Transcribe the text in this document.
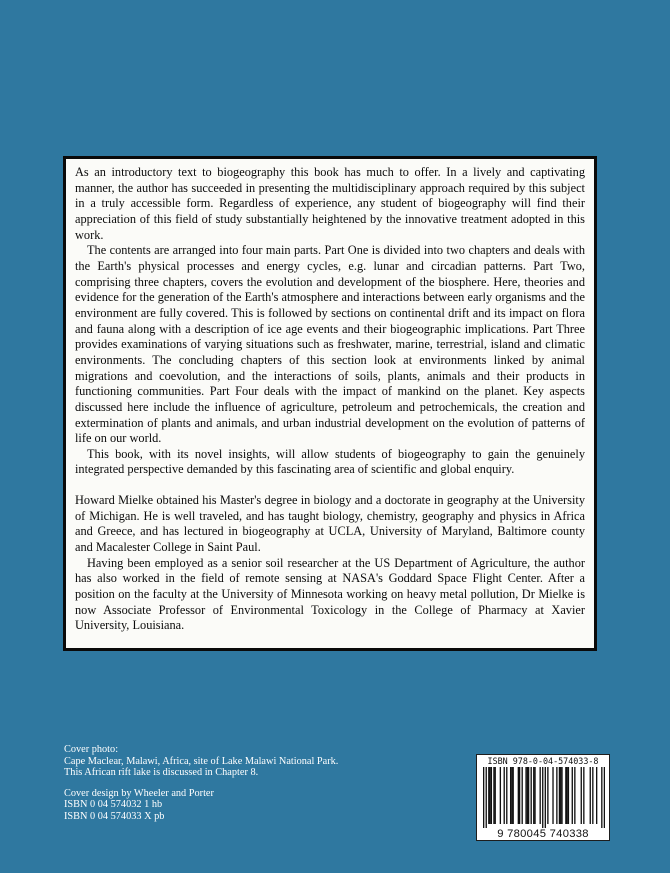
As an introductory text to biogeography this book has much to offer. In a lively and captivating manner, the author has succeeded in presenting the multidisciplinary approach required by this subject in a truly accessible form. Regardless of experience, any student of biogeography will find their appreciation of this field of study substantially heightened by the innovative treatment adopted in this work.

The contents are arranged into four main parts. Part One is divided into two chapters and deals with the Earth's physical processes and energy cycles, e.g. lunar and circadian patterns. Part Two, comprising three chapters, covers the evolution and development of the biosphere. Here, theories and evidence for the generation of the Earth's atmosphere and interactions between early organisms and the environment are fully covered. This is followed by sections on continental drift and its impact on flora and fauna along with a description of ice age events and their biogeographic implications. Part Three provides examinations of varying situations such as freshwater, marine, terrestrial, island and climatic environments. The concluding chapters of this section look at environments linked by animal migrations and coevolution, and the interactions of soils, plants, animals and their products in functioning communities. Part Four deals with the impact of mankind on the planet. Key aspects discussed here include the influence of agriculture, petroleum and petrochemicals, the creation and extermination of plants and animals, and urban industrial development on the evolution of patterns of life on our world.

This book, with its novel insights, will allow students of biogeography to gain the genuinely integrated perspective demanded by this fascinating area of scientific and global enquiry.

Howard Mielke obtained his Master's degree in biology and a doctorate in geography at the University of Michigan. He is well traveled, and has taught biology, chemistry, geography and physics in Africa and Greece, and has lectured in biogeography at UCLA, University of Maryland, Baltimore county and Macalester College in Saint Paul.

Having been employed as a senior soil researcher at the US Department of Agriculture, the author has also worked in the field of remote sensing at NASA's Goddard Space Flight Center. After a position on the faculty at the University of Minnesota working on heavy metal pollution, Dr Mielke is now Associate Professor of Environmental Toxicology in the College of Pharmacy at Xavier University, Louisiana.

Cover photo:

Cape Maclear, Malawi, Africa, site of Lake Malawi National Park.

This African rift lake is discussed in Chapter 8.

Cover design by Wheeler and Porter

ISBN 0 04 574032 1 hb

ISBN 0 04 574033 X pb

ISBN 978-0-04-574033-8
9 780045 740338
